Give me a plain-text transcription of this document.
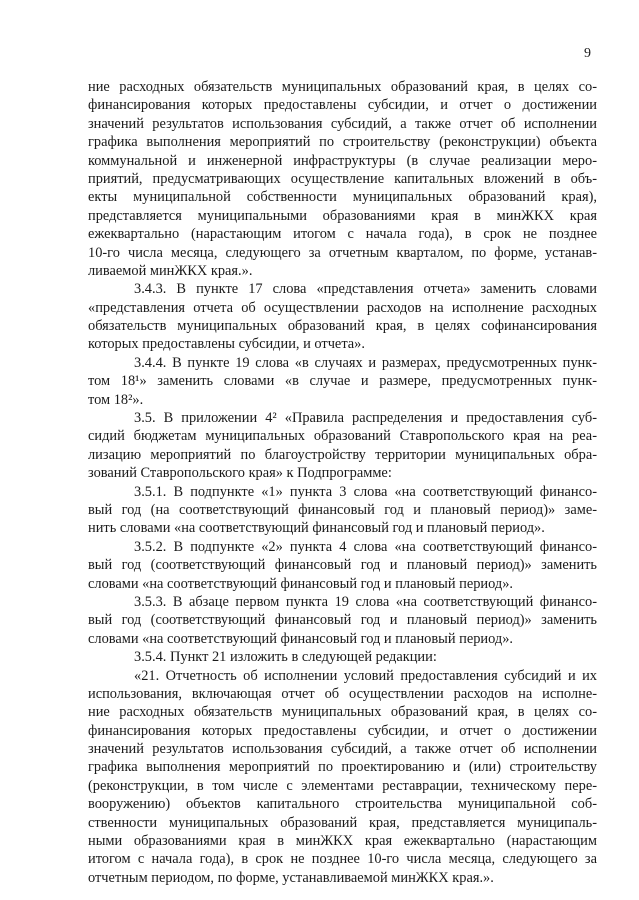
9
ние расходных обязательств муниципальных образований края, в целях со-
финансирования которых предоставлены субсидии, и отчет о достижении
значений результатов использования субсидий, а также отчет об исполнении
графика выполнения мероприятий по строительству (реконструкции) объекта
коммунальной и инженерной инфраструктуры (в случае реализации меро-
приятий, предусматривающих осуществление капитальных вложений в объ-
екты муниципальной собственности муниципальных образований края),
представляется муниципальными образованиями края в минЖКХ края
ежеквартально (нарастающим итогом с начала года), в срок не позднее
10-го числа месяца, следующего за отчетным кварталом, по форме, устанав-
ливаемой минЖКХ края.».
3.4.3. В пункте 17 слова «представления отчета» заменить словами
«представления отчета об осуществлении расходов на исполнение расходных
обязательств муниципальных образований края, в целях софинансирования
которых предоставлены субсидии, и отчета».
3.4.4. В пункте 19 слова «в случаях и размерах, предусмотренных пунк-
том 18¹» заменить словами «в случае и размере, предусмотренных пунк-
том 18²».
3.5. В приложении 4² «Правила распределения и предоставления суб-
сидий бюджетам муниципальных образований Ставропольского края на реа-
лизацию мероприятий по благоустройству территории муниципальных обра-
зований Ставропольского края» к Подпрограмме:
3.5.1. В подпункте «1» пункта 3 слова «на соответствующий финансо-
вый год (на соответствующий финансовый год и плановый период)» заме-
нить словами «на соответствующий финансовый год и плановый период».
3.5.2. В подпункте «2» пункта 4 слова «на соответствующий финансо-
вый год (соответствующий финансовый год и плановый период)» заменить
словами «на соответствующий финансовый год и плановый период».
3.5.3. В абзаце первом пункта 19 слова «на соответствующий финансо-
вый год (соответствующий финансовый год и плановый период)» заменить
словами «на соответствующий финансовый год и плановый период».
3.5.4. Пункт 21 изложить в следующей редакции:
«21. Отчетность об исполнении условий предоставления субсидий и их
использования, включающая отчет об осуществлении расходов на исполне-
ние расходных обязательств муниципальных образований края, в целях со-
финансирования которых предоставлены субсидии, и отчет о достижении
значений результатов использования субсидий, а также отчет об исполнении
графика выполнения мероприятий по проектированию и (или) строительству
(реконструкции, в том числе с элементами реставрации, техническому пере-
вооружению) объектов капитального строительства муниципальной соб-
ственности муниципальных образований края, представляется муниципаль-
ными образованиями края в минЖКХ края ежеквартально (нарастающим
итогом с начала года), в срок не позднее 10-го числа месяца, следующего за
отчетным периодом, по форме, устанавливаемой минЖКХ края.».
